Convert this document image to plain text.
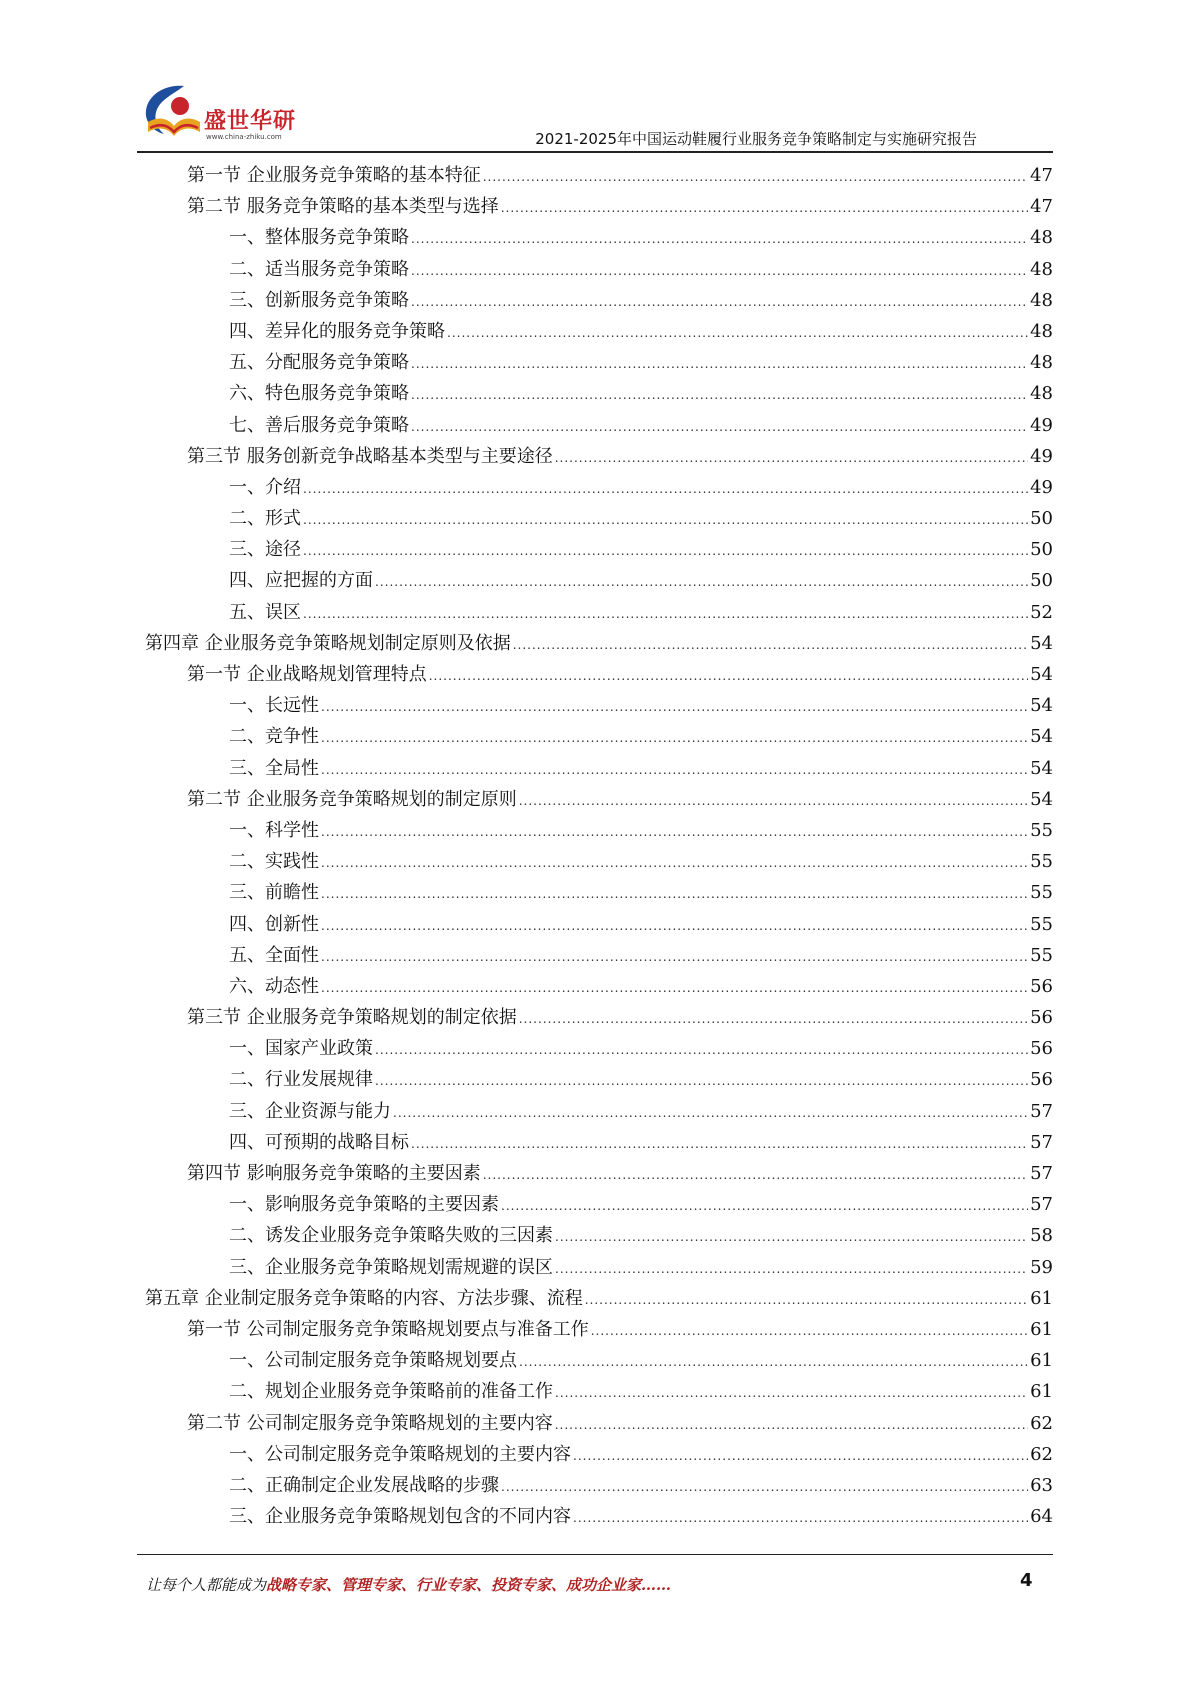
盛世华研
www.china-zhiku.com	2021-2025年中国运动鞋履行业服务竞争策略制定与实施研究报告
第一节 企业服务竞争策略的基本特征 .....	47
第二节 服务竞争策略的基本类型与选择 .....	47
一、整体服务竞争策略 .....	48
二、适当服务竞争策略 .....	48
三、创新服务竞争策略 .....	48
四、差异化的服务竞争策略 .....	48
五、分配服务竞争策略 .....	48
六、特色服务竞争策略 .....	48
七、善后服务竞争策略 .....	49
第三节 服务创新竞争战略基本类型与主要途径 .....	49
一、介绍 .....	49
二、形式 .....	50
三、途径 .....	50
四、应把握的方面 .....	50
五、误区 .....	52
第四章 企业服务竞争策略规划制定原则及依据 .....	54
第一节 企业战略规划管理特点 .....	54
一、长远性 .....	54
二、竞争性 .....	54
三、全局性 .....	54
第二节 企业服务竞争策略规划的制定原则 .....	54
一、科学性 .....	55
二、实践性 .....	55
三、前瞻性 .....	55
四、创新性 .....	55
五、全面性 .....	55
六、动态性 .....	56
第三节 企业服务竞争策略规划的制定依据 .....	56
一、国家产业政策 .....	56
二、行业发展规律 .....	56
三、企业资源与能力 .....	57
四、可预期的战略目标 .....	57
第四节 影响服务竞争策略的主要因素 .....	57
一、影响服务竞争策略的主要因素 .....	57
二、诱发企业服务竞争策略失败的三因素 .....	58
三、企业服务竞争策略规划需规避的误区 .....	59
第五章 企业制定服务竞争策略的内容、方法步骤、流程 .....	61
第一节 公司制定服务竞争策略规划要点与准备工作 .....	61
一、公司制定服务竞争策略规划要点 .....	61
二、规划企业服务竞争策略前的准备工作 .....	61
第二节 公司制定服务竞争策略规划的主要内容 .....	62
一、公司制定服务竞争策略规划的主要内容 .....	62
二、正确制定企业发展战略的步骤 .....	63
三、企业服务竞争策略规划包含的不同内容 .....	64
让每个人都能成为战略专家、管理专家、行业专家、投资专家、成功企业家……	4
